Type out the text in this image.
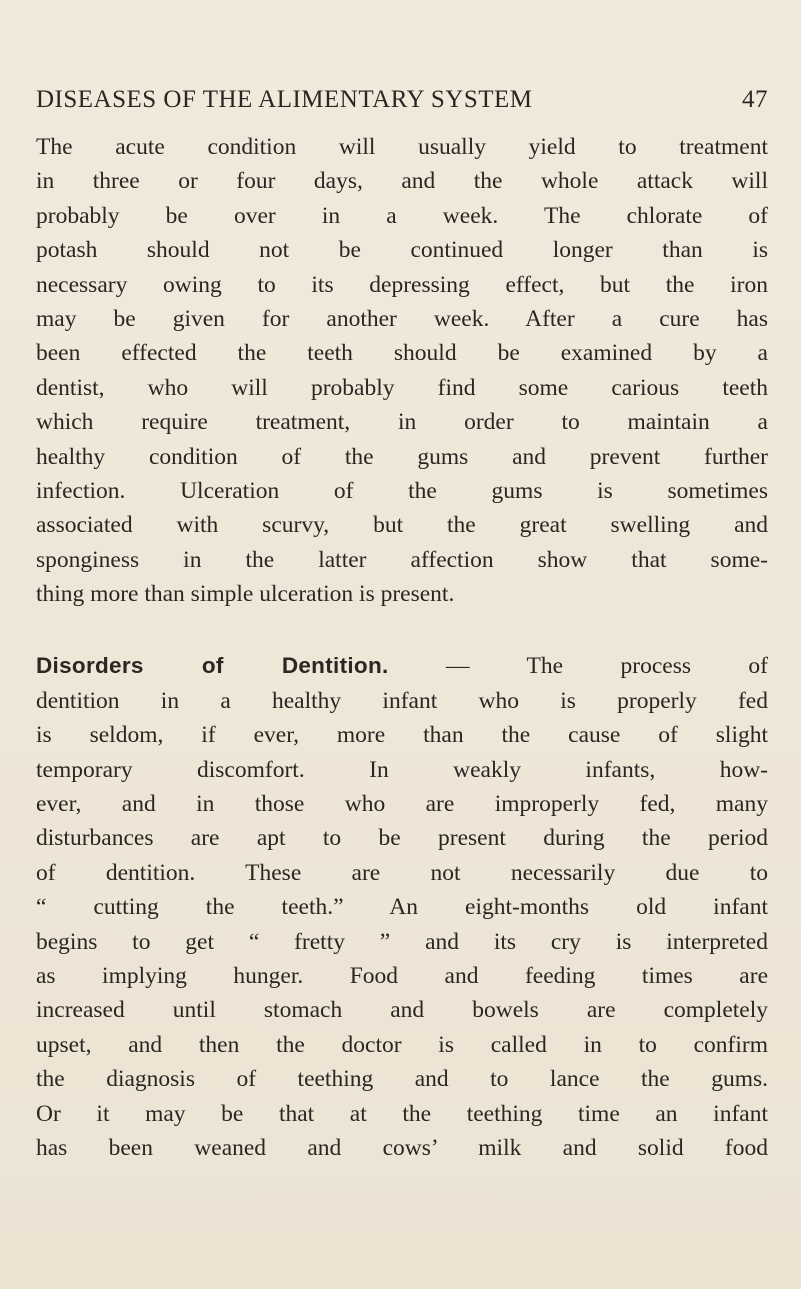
DISEASES OF THE ALIMENTARY SYSTEM	47
The acute condition will usually yield to treatment
in three or four days, and the whole attack will
probably be over in a week. The chlorate of
potash should not be continued longer than is
necessary owing to its depressing effect, but the iron
may be given for another week. After a cure has
been effected the teeth should be examined by a
dentist, who will probably find some carious teeth
which require treatment, in order to maintain a
healthy condition of the gums and prevent further
infection. Ulceration of the gums is sometimes
associated with scurvy, but the great swelling and
sponginess in the latter affection show that some-
thing more than simple ulceration is present.
Disorders of Dentition. — The process of
dentition in a healthy infant who is properly fed
is seldom, if ever, more than the cause of slight
temporary discomfort. In weakly infants, how-
ever, and in those who are improperly fed, many
disturbances are apt to be present during the period
of dentition. These are not necessarily due to
“ cutting the teeth.” An eight-months old infant
begins to get “ fretty ” and its cry is interpreted
as implying hunger. Food and feeding times are
increased until stomach and bowels are completely
upset, and then the doctor is called in to confirm
the diagnosis of teething and to lance the gums.
Or it may be that at the teething time an infant
has been weaned and cows’ milk and solid food
